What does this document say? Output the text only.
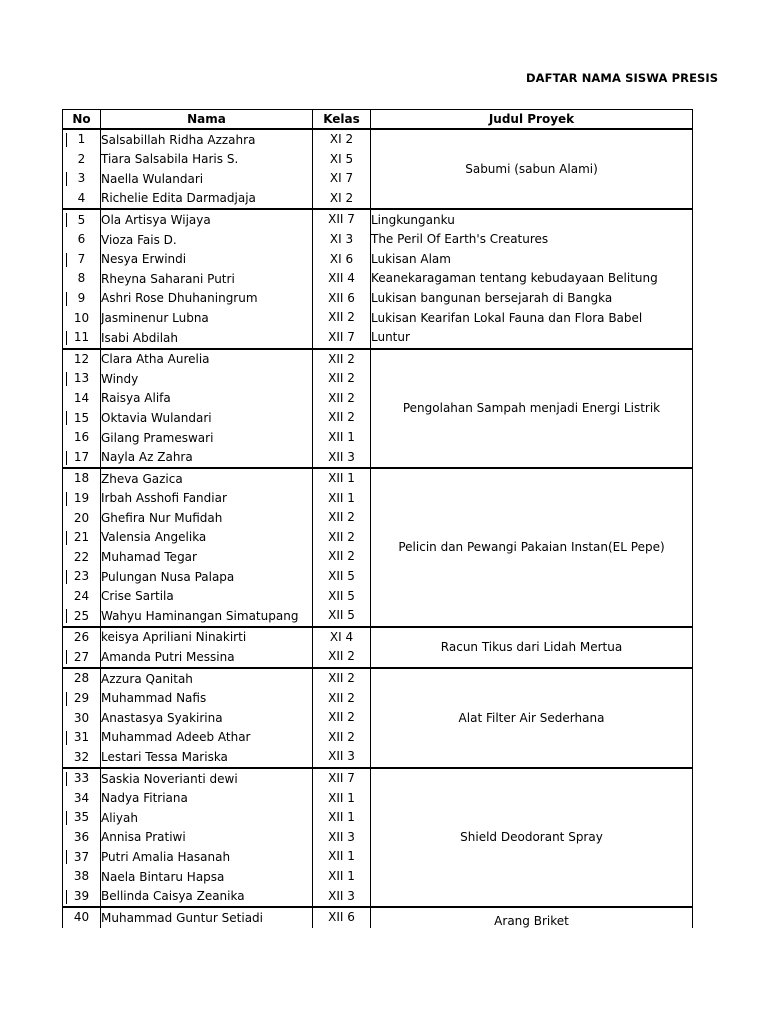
DAFTAR NAMA SISWA PRESIS
No	Nama	Kelas	Judul Proyek
1	Salsabillah Ridha Azzahra	XI 2	Sabumi (sabun Alami)
2	Tiara Salsabila Haris S.	XI 5	
3	Naella Wulandari	XI 7	
4	Richelie Edita Darmadjaja	XI 2	
5	Ola Artisya Wijaya	XII 7	Lingkunganku
6	Vioza Fais D.	XI 3	The Peril Of Earth's Creatures
7	Nesya Erwindi	XI 6	Lukisan Alam
8	Rheyna Saharani Putri	XII 4	Keanekaragaman tentang kebudayaan Belitung
9	Ashri Rose Dhuhaningrum	XII 6	Lukisan bangunan bersejarah di Bangka
10	Jasminenur Lubna	XII 2	Lukisan Kearifan Lokal Fauna dan Flora Babel
11	Isabi Abdilah	XII 7	Luntur
12	Clara Atha Aurelia	XII 2	Pengolahan Sampah menjadi Energi Listrik
13	Windy	XII 2	
14	Raisya Alifa	XII 2	
15	Oktavia Wulandari	XII 2	
16	Gilang Prameswari	XII 1	
17	Nayla Az Zahra	XII 3	
18	Zheva Gazica	XII 1	Pelicin dan Pewangi Pakaian Instan(EL Pepe)
19	Irbah Asshofi Fandiar	XII 1	
20	Ghefira Nur Mufidah	XII 2	
21	Valensia Angelika	XII 2	
22	Muhamad Tegar	XII 2	
23	Pulungan Nusa Palapa	XII 5	
24	Crise Sartila	XII 5	
25	Wahyu Haminangan Simatupang	XII 5	
26	keisya Apriliani Ninakirti	XI 4	Racun Tikus dari Lidah Mertua
27	Amanda Putri Messina	XII 2	
28	Azzura Qanitah	XII 2	Alat Filter Air Sederhana
29	Muhammad Nafis	XII 2	
30	Anastasya Syakirina	XII 2	
31	Muhammad Adeeb Athar	XII 2	
32	Lestari Tessa Mariska	XII 3	
33	Saskia Noverianti dewi	XII 7	Shield Deodorant Spray
34	Nadya Fitriana	XII 1	
35	Aliyah	XII 1	
36	Annisa Pratiwi	XII 3	
37	Putri Amalia Hasanah	XII 1	
38	Naela Bintaru Hapsa	XII 1	
39	Bellinda Caisya Zeanika	XII 3	
40	Muhammad Guntur Setiadi	XII 6	Arang Briket
